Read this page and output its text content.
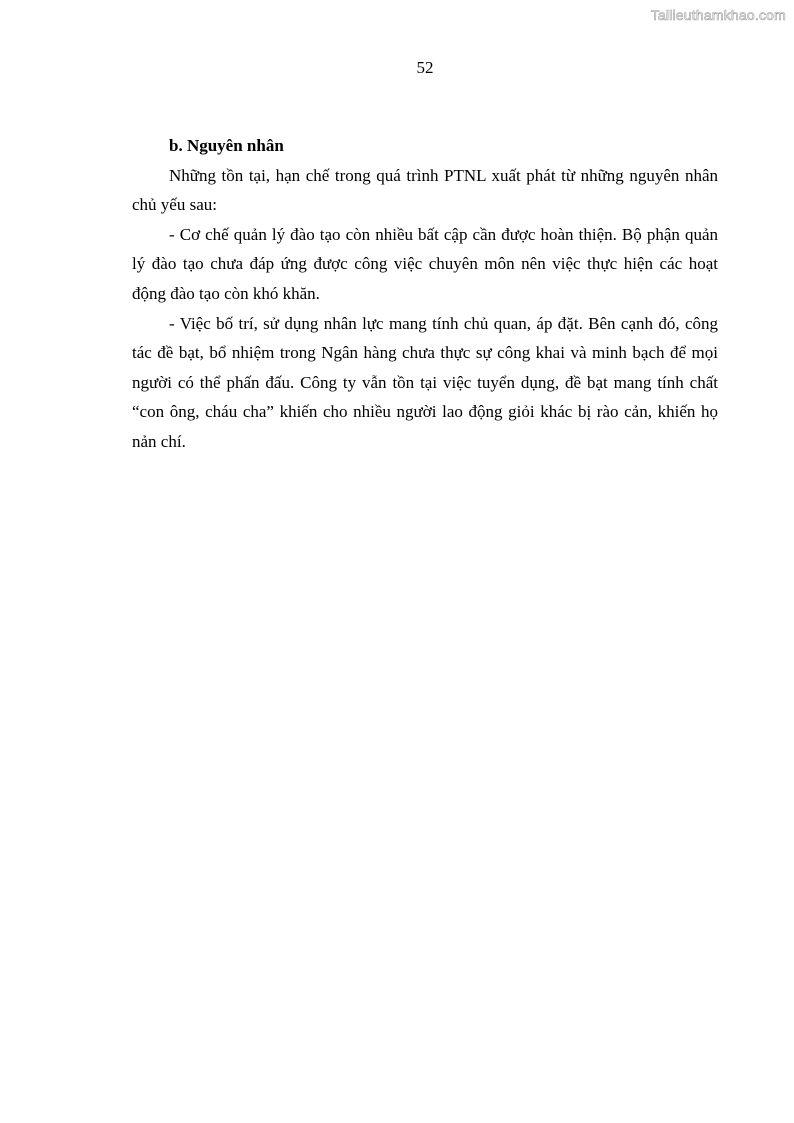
Tailieuthamkhao.com
52

b. Nguyên nhân

Những tồn tại, hạn chế trong quá trình PTNL xuất phát từ những nguyên nhân chủ yếu sau:

- Cơ chế quản lý đào tạo còn nhiều bất cập cần được hoàn thiện. Bộ phận quản lý đào tạo chưa đáp ứng được công việc chuyên môn nên việc thực hiện các hoạt động đào tạo còn khó khăn.

- Việc bố trí, sử dụng nhân lực mang tính chủ quan, áp đặt. Bên cạnh đó, công tác đề bạt, bổ nhiệm trong Ngân hàng chưa thực sự công khai và minh bạch để mọi người có thể phấn đấu. Công ty vẫn tồn tại việc tuyển dụng, đề bạt mang tính chất “con ông, cháu cha” khiến cho nhiều người lao động giỏi khác bị rào cản, khiến họ nản chí.
